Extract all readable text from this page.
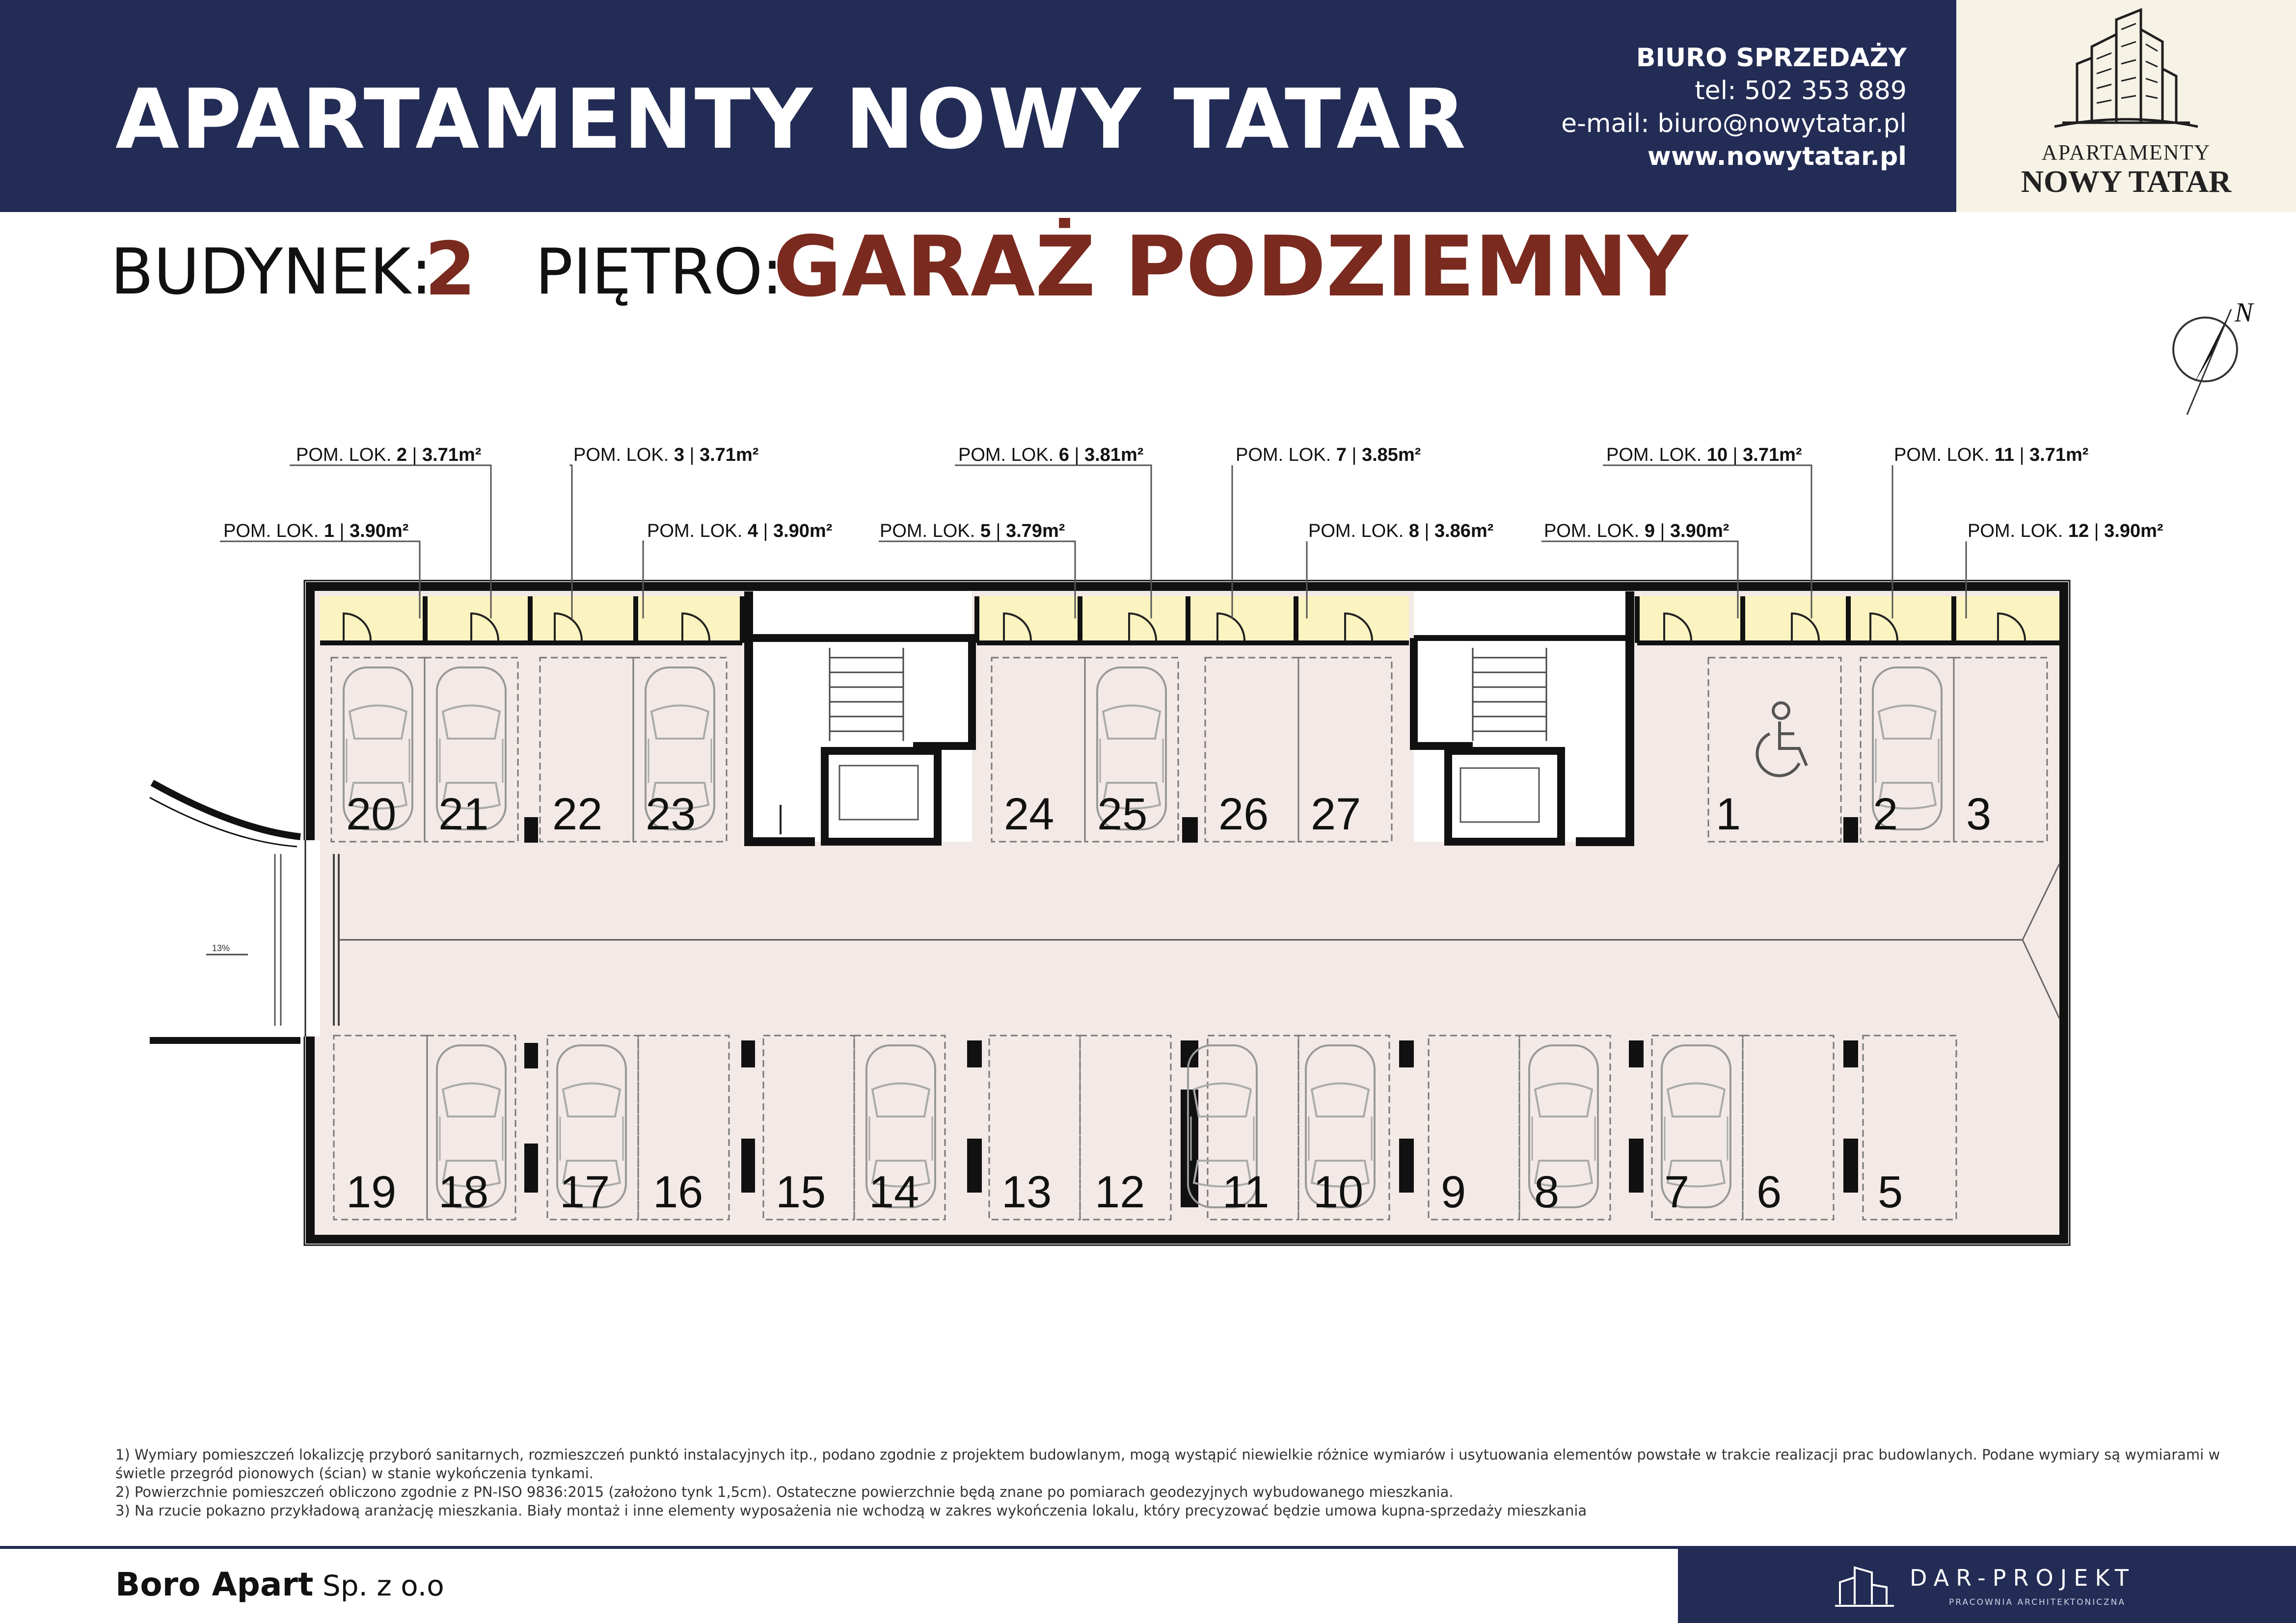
APARTAMENTY NOWY TATAR
BIURO SPRZEDAŻY
tel: 502 353 889
e-mail: biuro@nowytatar.pl
www.nowytatar.pl	APARTAMENTY
NOWY TATAR
BUDYNEK:
2 PIĘTRO:
GARAŻ PODZIEMNY
13%
20 21 22 23	24 25 26 27	1	2 3
19 18 17 16 15 14 13 12 11 10 9 8 7 6 5
POM. LOK. 2 | 3.71m²	POM. LOK. 3 | 3.71m²	POM. LOK. 6 | 3.81m²	POM. LOK. 7 | 3.85m²	POM. LOK. 10 | 3.71m²	POM. LOK. 11 | 3.71m²
POM. LOK. 1 | 3.90m²	POM. LOK. 4 | 3.90m²	POM. LOK. 5 | 3.79m²	POM. LOK. 8 | 3.86m²	POM. LOK. 9 | 3.90m²	POM. LOK. 12 | 3.90m²
N
1) Wymiary pomieszczeń lokalizcję przyboró sanitarnych, rozmieszczeń punktó instalacyjnych itp., podano zgodnie z projektem budowlanym, mogą wystąpić niewielkie różnice wymiarów i usytuowania elementów powstałe w trakcie realizacji prac budowlanych. Podane wymiary są wymiarami w świetle przegród pionowych (ścian) w stanie wykończenia tynkami.
2) Powierzchnie pomieszczeń obliczono zgodnie z PN-ISO 9836:2015 (założono tynk 1,5cm). Ostateczne powierzchnie będą znane po pomiarach geodezyjnych wybudowanego mieszkania.
3) Na rzucie pokazno przykładową aranżację mieszkania. Biały montaż i inne elementy wyposażenia nie wchodzą w zakres wykończenia lokalu, który precyzować będzie umowa kupna-sprzedaży mieszkania
Boro Apart Sp. z o.o	DAR-PROJEKT
PRACOWNIA ARCHITEKTONICZNA
